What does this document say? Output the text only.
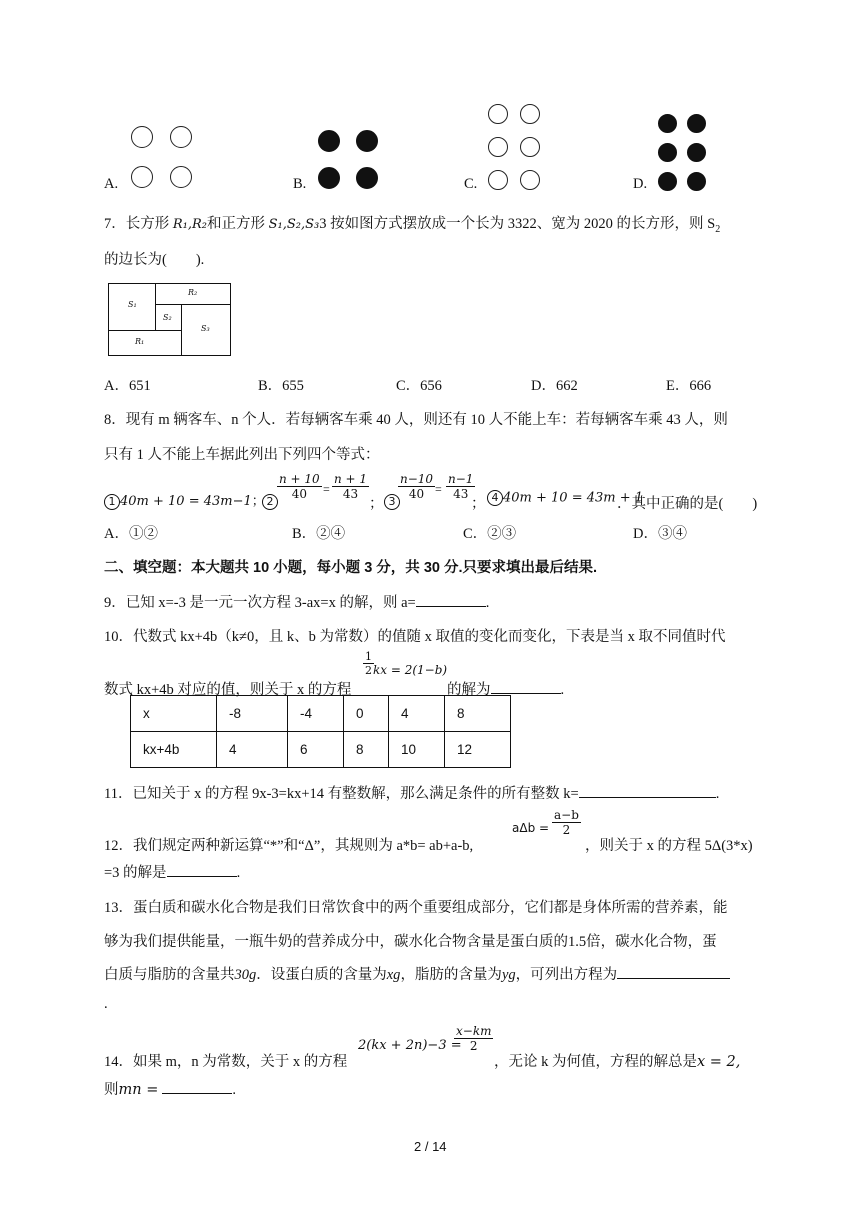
A.	B.	C.	D.
7．长方形 R₁,R₂和正方形 S₁,S₂,S₃3 按如图方式摆放成一个长为 3322、宽为 2020 的长方形，则 $S_2$
的边长为(　　).
S₁
R₂
S₂
S₃
R₁
A．651	B．655	C．656	D．662	E．666
8．现有 m 辆客车、n 个人．若每辆客车乘 40 人，则还有 10 人不能上车：若每辆客车乘 43 人，则
只有 1 人不能上车据此列出下列四个等式：
1 40m + 10 = 43m−1； 2
$\frac{n + 10}{40} = \frac{n + 1}{43}$
； 3
$\frac{n-10}{40} = \frac{n-1}{43}$
； 4 40m + 10 = 43m + 1
．其中正确的是(　　)
A．①②	B．②④	C．②③	D．③④
二、填空题：本大题共 10 小题，每小题 3 分，共 30 分.只要求填出最后结果.
9．已知 x=-3 是一元一次方程 3-ax=x 的解，则 a=	.
10．代数式 kx+4b（k≠0，且 k、b 为常数）的值随 x 取值的变化而变化，下表是当 x 取不同值时代
数式 kx+4b 对应的值，则关于 x 的方程
$\frac{1}{2}$ kx = 2(1−b)
的解为	.
x	-8	-4	0	4	8
kx+4b	4	6	8	10	12
11．已知关于 x 的方程 9x-3=kx+14 有整数解，那么满足条件的所有整数 k=	.
12．我们规定两种新运算“*”和“Δ”，其规则为 a*b= ab+a-b,
$a\Delta b = \frac{a-b}{2}$
，则关于 x 的方程 5Δ(3*x)
=3 的解是	.
13．蛋白质和碳水化合物是我们日常饮食中的两个重要组成部分，它们都是身体所需的营养素，能
够为我们提供能量，一瓶牛奶的营养成分中，碳水化合物含量是蛋白质的1.5倍，碳水化合物，蛋
白质与脂肪的含量共30g．设蛋白质的含量为xg，脂肪的含量为yg，可列出方程为
.
14．如果 m，n 为常数，关于 x 的方程
2(kx + 2n)−3 =
$\frac{x-km}{2}$
，无论 k 为何值，方程的解总是x = 2,
则mn =	.
2 / 14
